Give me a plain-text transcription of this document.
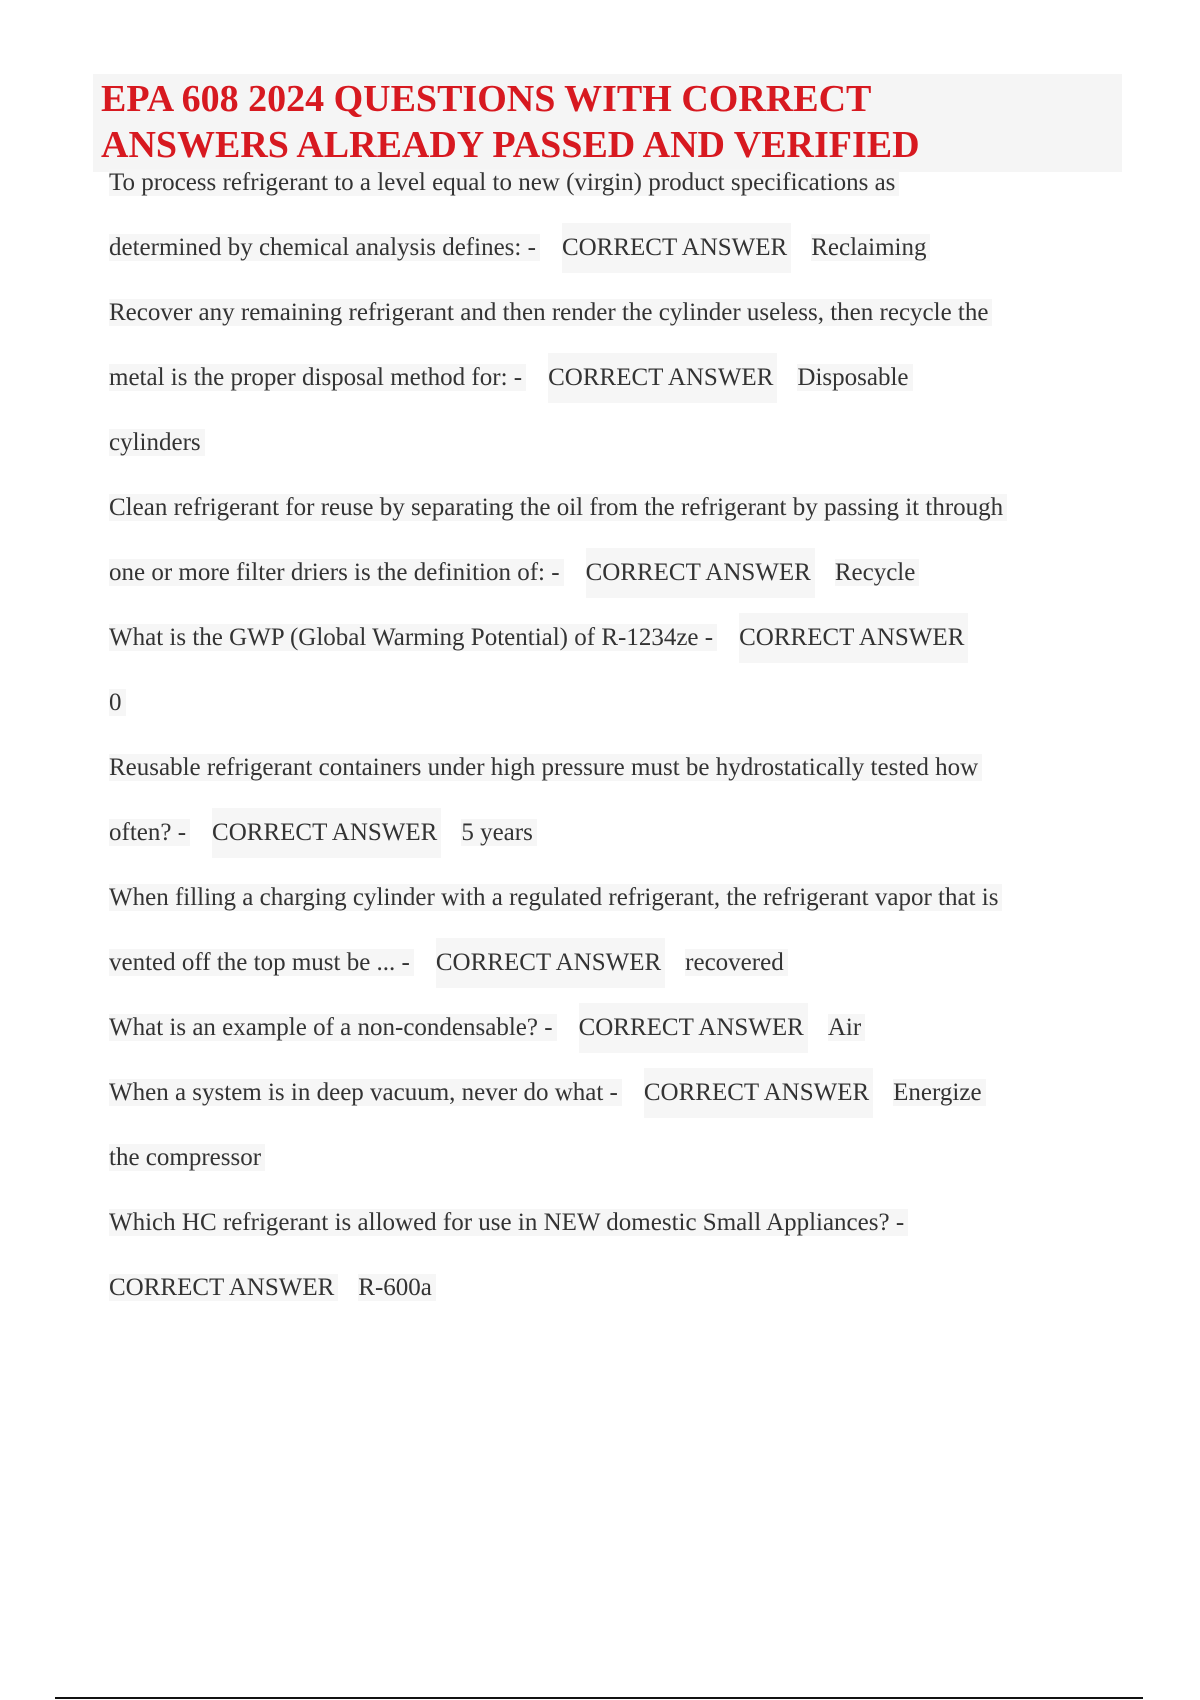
EPA 608 2024 QUESTIONS WITH CORRECT
ANSWERS ALREADY PASSED AND VERIFIED
To process refrigerant to a level equal to new (virgin) product specifications as
determined by chemical analysis defines: - CORRECT ANSWER Reclaiming
Recover any remaining refrigerant and then render the cylinder useless, then recycle the
metal is the proper disposal method for: - CORRECT ANSWER Disposable
cylinders
Clean refrigerant for reuse by separating the oil from the refrigerant by passing it through
one or more filter driers is the definition of: - CORRECT ANSWER Recycle
What is the GWP (Global Warming Potential) of R-1234ze - CORRECT ANSWER
0
Reusable refrigerant containers under high pressure must be hydrostatically tested how
often? - CORRECT ANSWER 5 years
When filling a charging cylinder with a regulated refrigerant, the refrigerant vapor that is
vented off the top must be ... - CORRECT ANSWER recovered
What is an example of a non-condensable? - CORRECT ANSWER Air
When a system is in deep vacuum, never do what - CORRECT ANSWER Energize
the compressor
Which HC refrigerant is allowed for use in NEW domestic Small Appliances? -
CORRECT ANSWER R-600a
